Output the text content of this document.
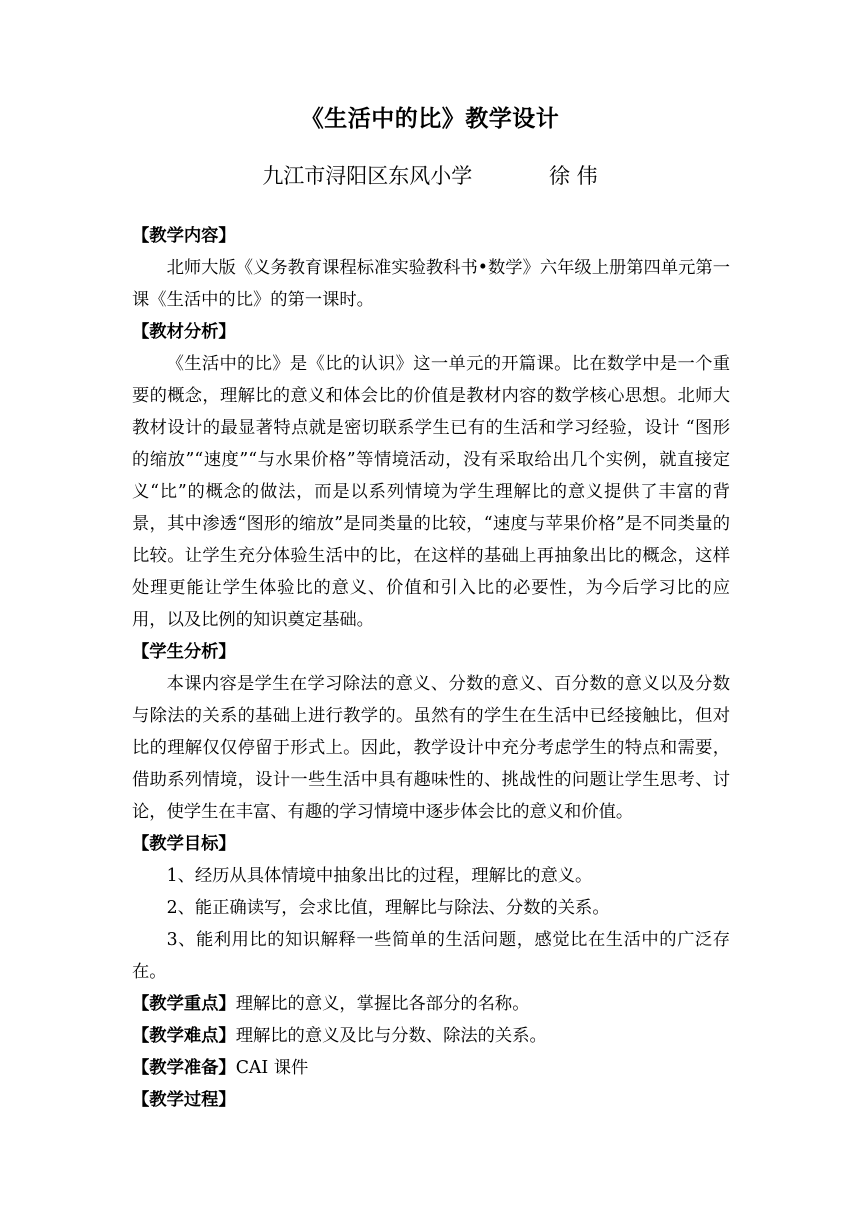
《生活中的比》教学设计
九江市浔阳区东风小学	徐 伟
【教学内容】

北师大版《义务教育课程标准实验教科书•数学》六年级上册第四单元第一课《生活中的比》的第一课时。

【教材分析】

《生活中的比》是《比的认识》这一单元的开篇课。比在数学中是一个重要的概念，理解比的意义和体会比的价值是教材内容的数学核心思想。北师大教材设计的最显著特点就是密切联系学生已有的生活和学习经验，设计 “图形的缩放”“速度”“与水果价格”等情境活动，没有采取给出几个实例，就直接定义“比”的概念的做法，而是以系列情境为学生理解比的意义提供了丰富的背景，其中渗透“图形的缩放”是同类量的比较，“速度与苹果价格”是不同类量的比较。让学生充分体验生活中的比，在这样的基础上再抽象出比的概念，这样处理更能让学生体验比的意义、价值和引入比的必要性，为今后学习比的应用，以及比例的知识奠定基础。

【学生分析】

本课内容是学生在学习除法的意义、分数的意义、百分数的意义以及分数与除法的关系的基础上进行教学的。虽然有的学生在生活中已经接触比，但对比的理解仅仅停留于形式上。因此，教学设计中充分考虑学生的特点和需要，借助系列情境，设计一些生活中具有趣味性的、挑战性的问题让学生思考、讨论，使学生在丰富、有趣的学习情境中逐步体会比的意义和价值。

【教学目标】

1、经历从具体情境中抽象出比的过程，理解比的意义。

2、能正确读写，会求比值，理解比与除法、分数的关系。

3、能利用比的知识解释一些简单的生活问题，感觉比在生活中的广泛存在。

【教学重点】理解比的意义，掌握比各部分的名称。
【教学难点】理解比的意义及比与分数、除法的关系。
【教学准备】CAI 课件
【教学过程】
